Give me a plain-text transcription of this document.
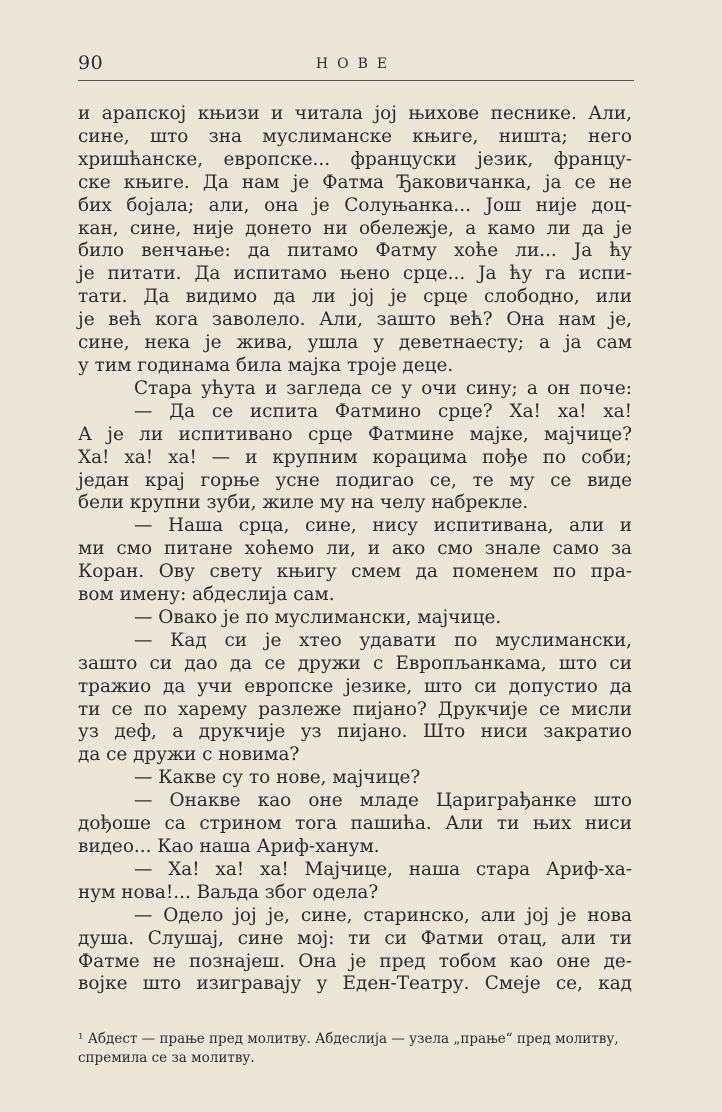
90	НОВЕ
и арапској књизи и читала јој њихове песнике. Али,
сине, што зна муслиманске књиге, ништа; него
хришћанске, европске... француски језик, францу-
ске књиге. Да нам је Фатма Ђаковичанка, ја се не
бих бојала; али, она је Солуњанка... Још није доц-
кан, сине, није донето ни обележје, а камо ли да је
било венчање: да питамо Фатму хоће ли... Ја ћу
је питати. Да испитамо њено срце... Ја ћу га испи-
тати. Да видимо да ли јој је срце слободно, или
је већ кога заволело. Али, зашто већ? Она нам је,
сине, нека је жива, ушла у деветнаесту; а ја сам
у тим годинама била мајка троје деце.
Стара ућута и загледа се у очи сину; а он поче:
— Да се испита Фатмино срце? Ха! ха! ха!
А је ли испитивано срце Фатмине мајке, мајчице?
Ха! ха! ха! — и крупним корацима пође по соби;
један крај горње усне подигао се, те му се виде
бели крупни зуби, жиле му на челу набрекле.
— Наша срца, сине, нису испитивана, али и
ми смо питане хоћемо ли, и ако смо знале само за
Коран. Ову свету књигу смем да поменем по пра-
вом имену: абдеслија сам.
— Овако је по муслимански, мајчице.
— Кад си је хтео удавати по муслимански,
зашто си дао да се дружи с Европљанкама, што си
тражио да учи европске језике, што си допустио да
ти се по харему разлеже пијано? Друкчије се мисли
уз деф, а друкчије уз пијано. Што ниси закратио
да се дружи с новима?
— Какве су то нове, мајчице?
— Онакве као оне младе Цариграђанке што
дођоше са стрином тога пашића. Али ти њих ниси
видео... Као наша Ариф-ханум.
— Ха! ха! ха! Мајчице, наша стара Ариф-ха-
нум нова!... Ваљда због одела?
— Одело јој је, сине, старинско, али јој је нова
душа. Слушај, сине мој: ти си Фатми отац, али ти
Фатме не познајеш. Она је пред тобом као оне де-
војке што изигравају у Еден-Театру. Смеје се, кад
¹ Абдест — прање пред молитву. Абдеслија — узела „прање“ пред молитву, спремила се за молитву.
